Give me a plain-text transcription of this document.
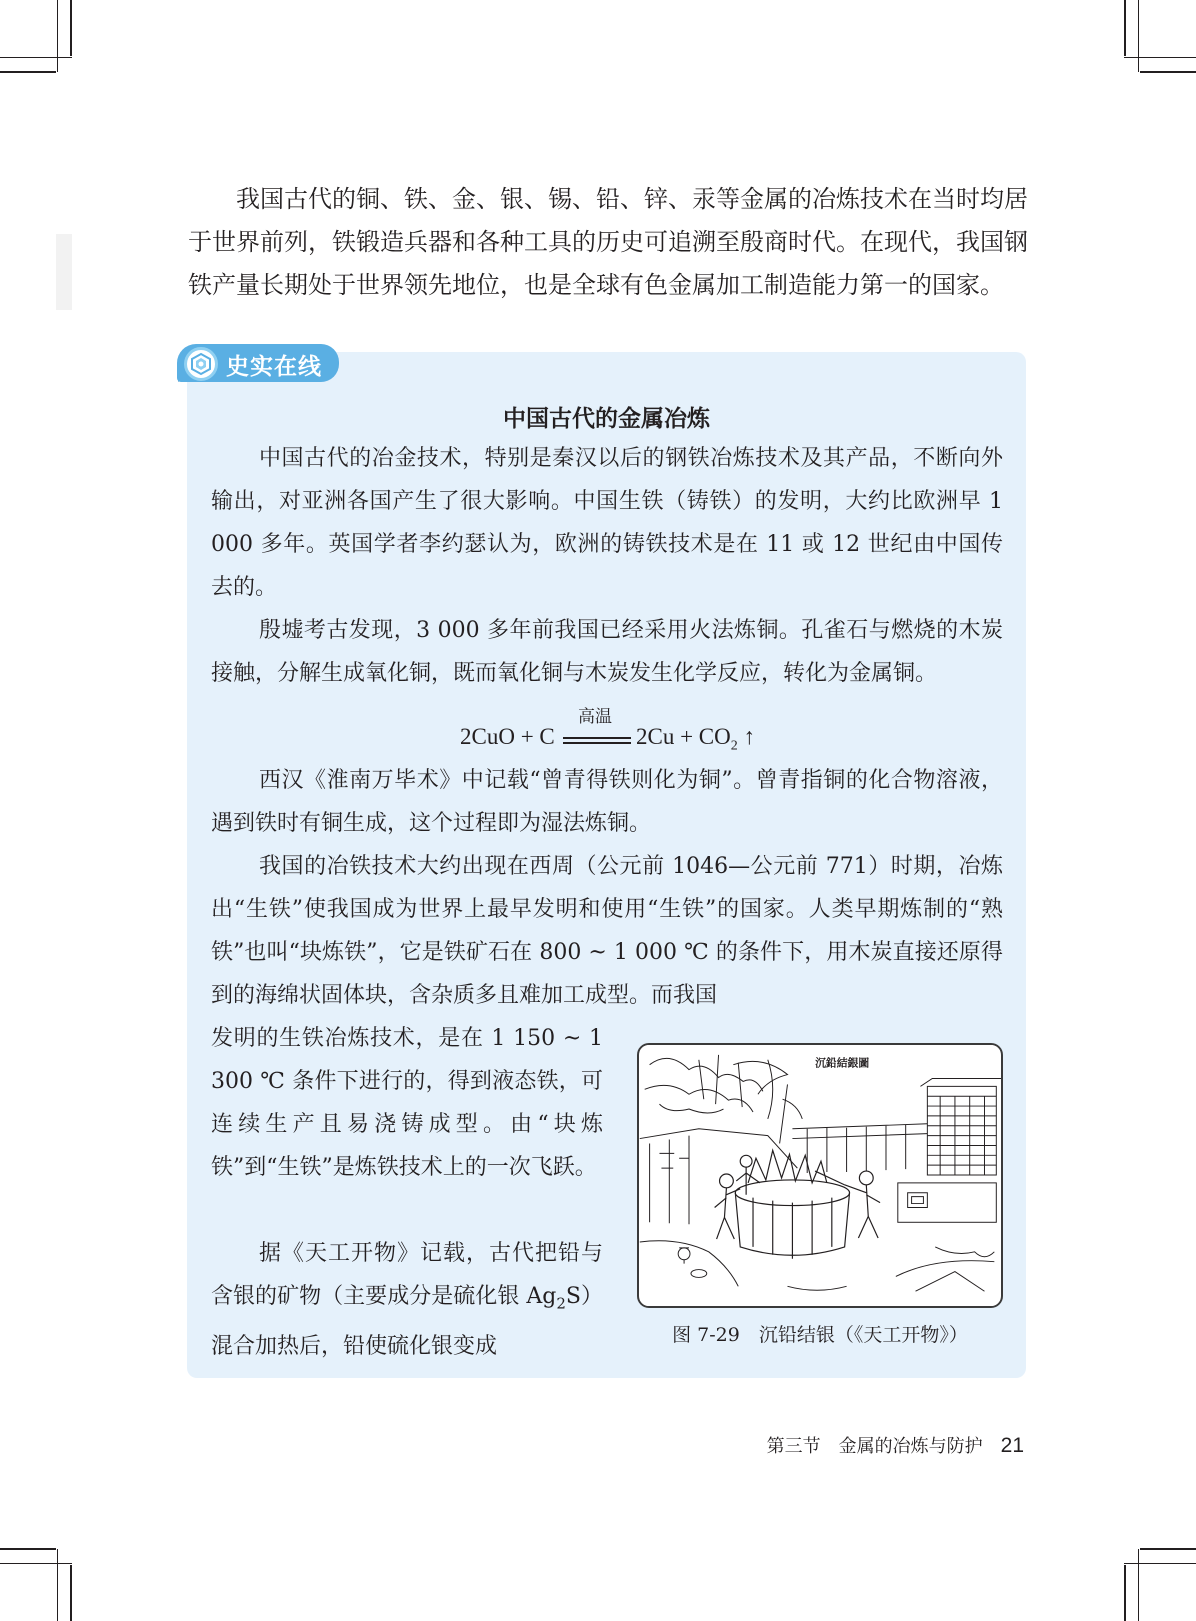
我国古代的铜、铁、金、银、锡、铅、锌、汞等金属的冶炼技术在当时均居于世界前列，铁锻造兵器和各种工具的历史可追溯至殷商时代。在现代，我国钢铁产量长期处于世界领先地位，也是全球有色金属加工制造能力第一的国家。

史实在线
中国古代的金属冶炼

中国古代的冶金技术，特别是秦汉以后的钢铁冶炼技术及其产品，不断向外输出，对亚洲各国产生了很大影响。中国生铁（铸铁）的发明，大约比欧洲早 1 000 多年。英国学者李约瑟认为，欧洲的铸铁技术是在 11 或 12 世纪由中国传去的。

殷墟考古发现，3 000 多年前我国已经采用火法炼铜。孔雀石与燃烧的木炭接触，分解生成氧化铜，既而氧化铜与木炭发生化学反应，转化为金属铜。

2CuO + C
高温
$2Cu + CO_2$ ↑

西汉《淮南万毕术》中记载“曾青得铁则化为铜”。曾青指铜的化合物溶液，遇到铁时有铜生成，这个过程即为湿法炼铜。

我国的冶铁技术大约出现在西周（公元前 1046—公元前 771）时期，冶炼出“生铁”使我国成为世界上最早发明和使用“生铁”的国家。人类早期炼制的“熟铁”也叫“块炼铁”，它是铁矿石在 800 ~ 1 000 ℃ 的条件下，用木炭直接还原得到的海绵状固体块，含杂质多且难加工成型。而我国

发明的生铁冶炼技术，是在 1 150 ~ 1 300 ℃ 条件下进行的，得到液态铁，可连续生产且易浇铸成型。由“块炼铁”到“生铁”是炼铁技术上的一次飞跃。

据《天工开物》记载，古代把铅与含银的矿物（主要成分是硫化银 $Ag_2S$）混合加热后，铅使硫化银变成

沉鉛結銀圖
图 7-29　沉铅结银（《天工开物》）
第三节　金属的冶炼与防护 21
